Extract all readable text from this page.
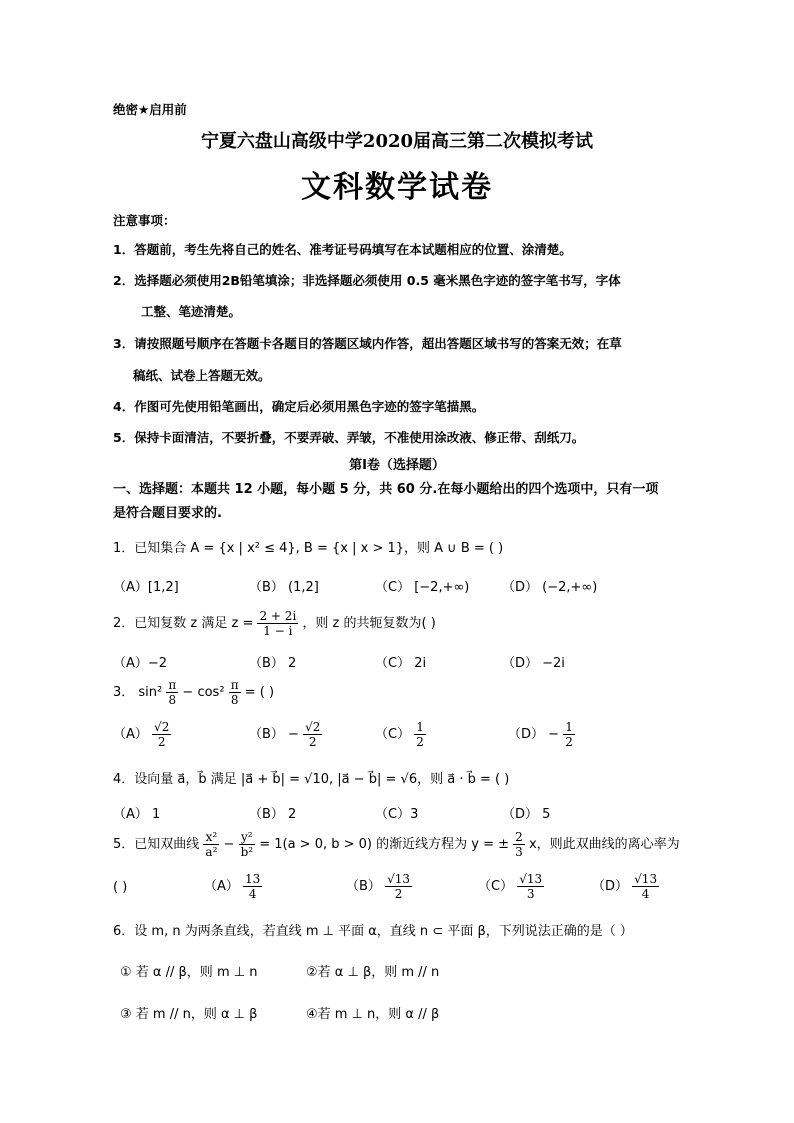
绝密★启用前
宁夏六盘山高级中学2020届高三第二次模拟考试
文科数学试卷
注意事项：
1．答题前，考生先将自己的姓名、准考证号码填写在本试题相应的位置、涂清楚。
2．选择题必须使用2B铅笔填涂；非选择题必须使用 0.5 毫米黑色字迹的签字笔书写，字体
工整、笔迹清楚。
3．请按照题号顺序在答题卡各题目的答题区域内作答，超出答题区域书写的答案无效；在草
稿纸、试卷上答题无效。
4．作图可先使用铅笔画出，确定后必须用黑色字迹的签字笔描黑。
5．保持卡面清洁，不要折叠，不要弄破、弄皱，不准使用涂改液、修正带、刮纸刀。
第Ⅰ卷（选择题）
一、选择题：本题共 12 小题，每小题 5 分，共 60 分.在每小题给出的四个选项中，只有一项
是符合题目要求的.
1．已知集合 A = {x | x² ≤ 4}, B = {x | x > 1}，则 A ∪ B = ( )
（A）[1,2]	（B） (1,2]	（C） [−2,+∞)	（D） (−2,+∞)
2．已知复数 z 满足 $z = \frac{2 + 2i}{1 - i}$ ，则 z 的共轭复数为( )
（A）−2	（B） 2	（C） 2i	（D） −2i
3． $\sin^2 \frac{\pi}{8} - \cos^2 \frac{\pi}{8}$ = ( )
$(A) \frac{√2}{2}$	$(B) - \frac{√2}{2}$	$(C) \frac{1}{2}$	$(D) - \frac{1}{2}$
4．设向量 a⃗，b⃗ 满足 |a⃗ + b⃗| = √10, |a⃗ − b⃗| = √6，则 a⃗ · b⃗ = ( )
（A） 1	（B） 2	（C）3	（D） 5
5．已知双曲线 $\frac{\text{x²}}{\text{a²}} - \frac{\text{y²}}{\text{b²}} = 1(a > 0$, b > 0) 的渐近线方程为 y = ± $\frac{2}{3}$ x，则此双曲线的离心率为
( )	$(A) \frac{13}{4}$	$(B) \frac{√13}{2}$	$(C) \frac{√13}{3}$	$(D) \frac{√13}{4}$
6．设 m, n 为两条直线，若直线 m ⊥ 平面 α，直线 n ⊂ 平面 β，下列说法正确的是（ ）
① 若 α // β，则 m ⊥ n	②若 α ⊥ β，则 m // n
③ 若 m // n，则 α ⊥ β	④若 m ⊥ n，则 α // β
